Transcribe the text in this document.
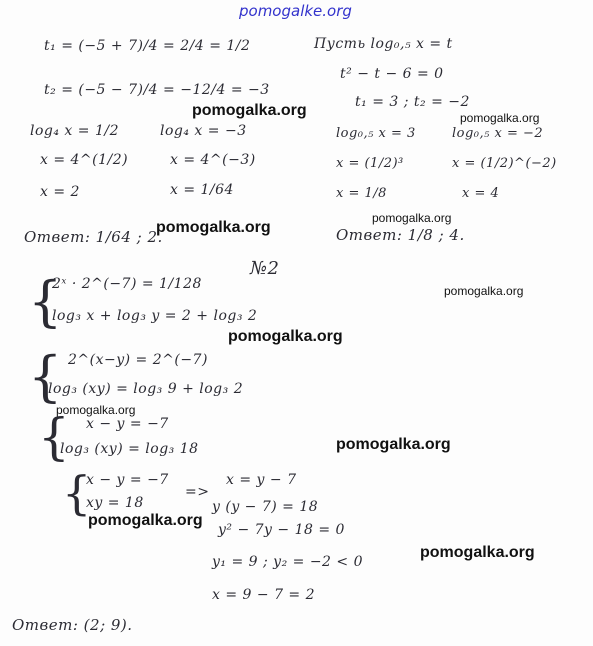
pomogalke.org
t₁ = (−5 + 7)/4 = 2/4 = 1/2
t₂ = (−5 − 7)/4 = −12/4 = −3
log₄ x = 1/2	log₄ x = −3
x = 4^(1/2)	x = 4^(−3)
x = 2	x = 1/64
Ответ: 1/64 ; 2.
Пусть log₀,₅ x = t
t² − t − 6 = 0
t₁ = 3 ; t₂ = −2
log₀,₅ x = 3	log₀,₅ x = −2
x = (1/2)³	x = (1/2)^(−2)
x = 1/8	x = 4
Ответ: 1/8 ; 4.
№2
{
2ˣ · 2^(−7) = 1/128
log₃ x + log₃ y = 2 + log₃ 2
{ 2^(x−y) = 2^(−7)
log₃ (xy) = log₃ 9 + log₃ 2
{ x − y = −7
log₃ (xy) = log₃ 18
{
x − y = −7
xy = 18
=>
x = y − 7
y (y − 7) = 18
y² − 7y − 18 = 0
y₁ = 9 ; y₂ = −2 < 0
x = 9 − 7 = 2
Ответ: (2; 9).
pomogalka.org	pomogalka.org
pomogalka.org
pomogalka.org
pomogalka.org
pomogalka.org
pomogalka.org
pomogalka.org
pomogalka.org
pomogalka.org
